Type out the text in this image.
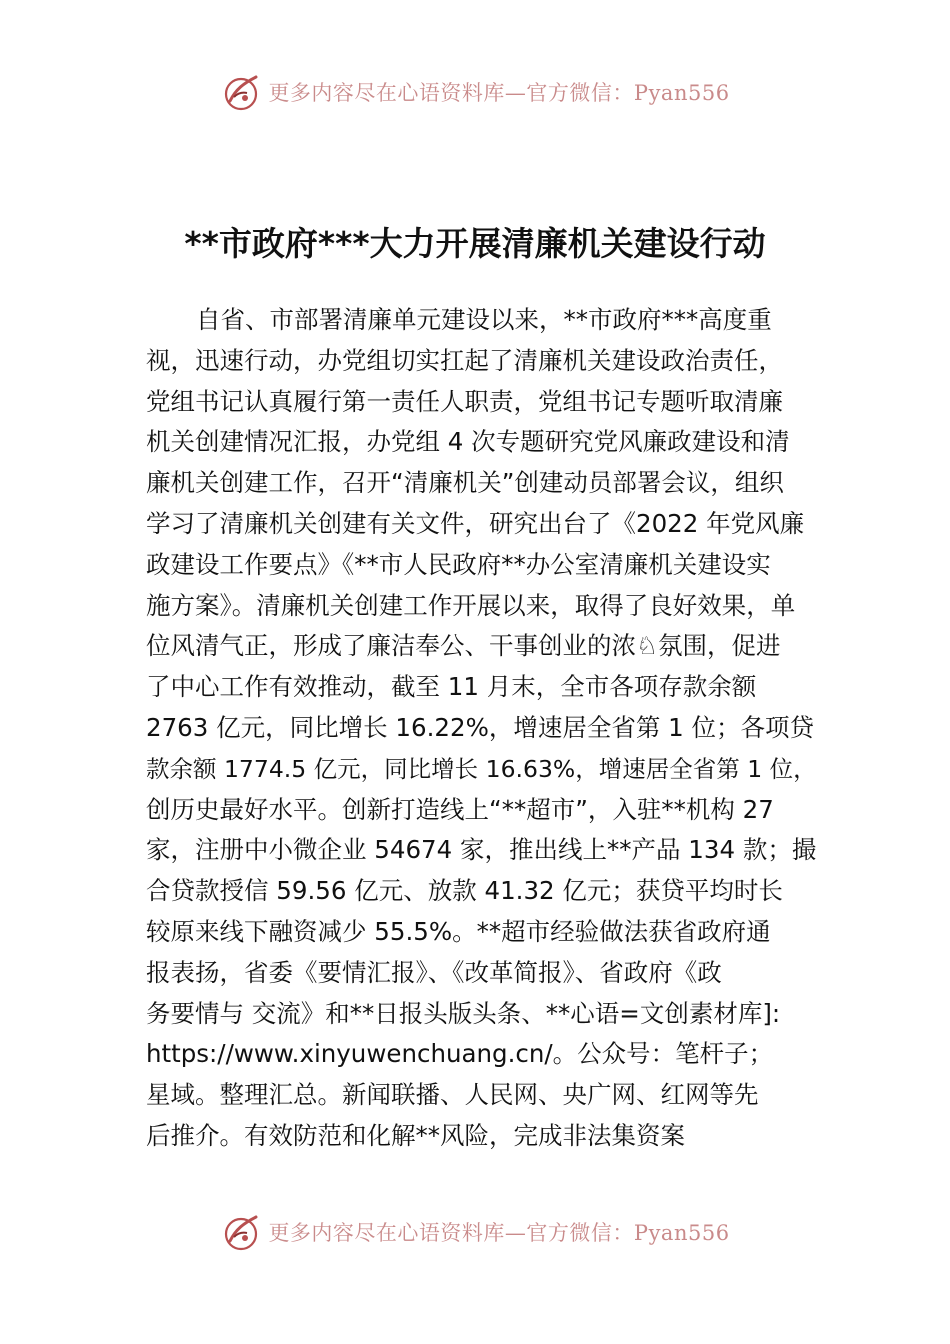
更多内容尽在心语资料库—官方微信：Pyan556
**市政府***大力开展清廉机关建设行动
自省、市部署清廉单元建设以来，**市政府***高度重
视，迅速行动，办党组切实扛起了清廉机关建设政治责任，
党组书记认真履行第一责任人职责，党组书记专题听取清廉
机关创建情况汇报，办党组 4 次专题研究党风廉政建设和清
廉机关创建工作，召开“清廉机关”创建动员部署会议，组织
学习了清廉机关创建有关文件，研究出台了《2022 年党风廉
政建设工作要点》《**市人民政府**办公室清廉机关建设实
施方案》。清廉机关创建工作开展以来，取得了良好效果，单
位风清气正，形成了廉洁奉公、干事创业的浓♘氛围，促进
了中心工作有效推动，截至 11 月末，全市各项存款余额
2763 亿元，同比增长 16.22%，增速居全省第 1 位；各项贷
款余额 1774.5 亿元，同比增长 16.63%，增速居全省第 1 位，
创历史最好水平。创新打造线上“**超市”，入驻**机构 27
家，注册中小微企业 54674 家，推出线上**产品 134 款；撮
合贷款授信 59.56 亿元、放款 41.32 亿元；获贷平均时长
较原来线下融资减少 55.5%。**超市经验做法获省政府通
报表扬，省委《要情汇报》、《改革简报》、省政府《政
务要情与 交流》和**日报头版头条、**心语=文创素材库]:
https://www.xinyuwenchuang.cn/。公众号：笔杆子；
星域。整理汇总。新闻联播、人民网、央广网、红网等先
后推介。有效防范和化解**风险，完成非法集资案
更多内容尽在心语资料库—官方微信：Pyan556
